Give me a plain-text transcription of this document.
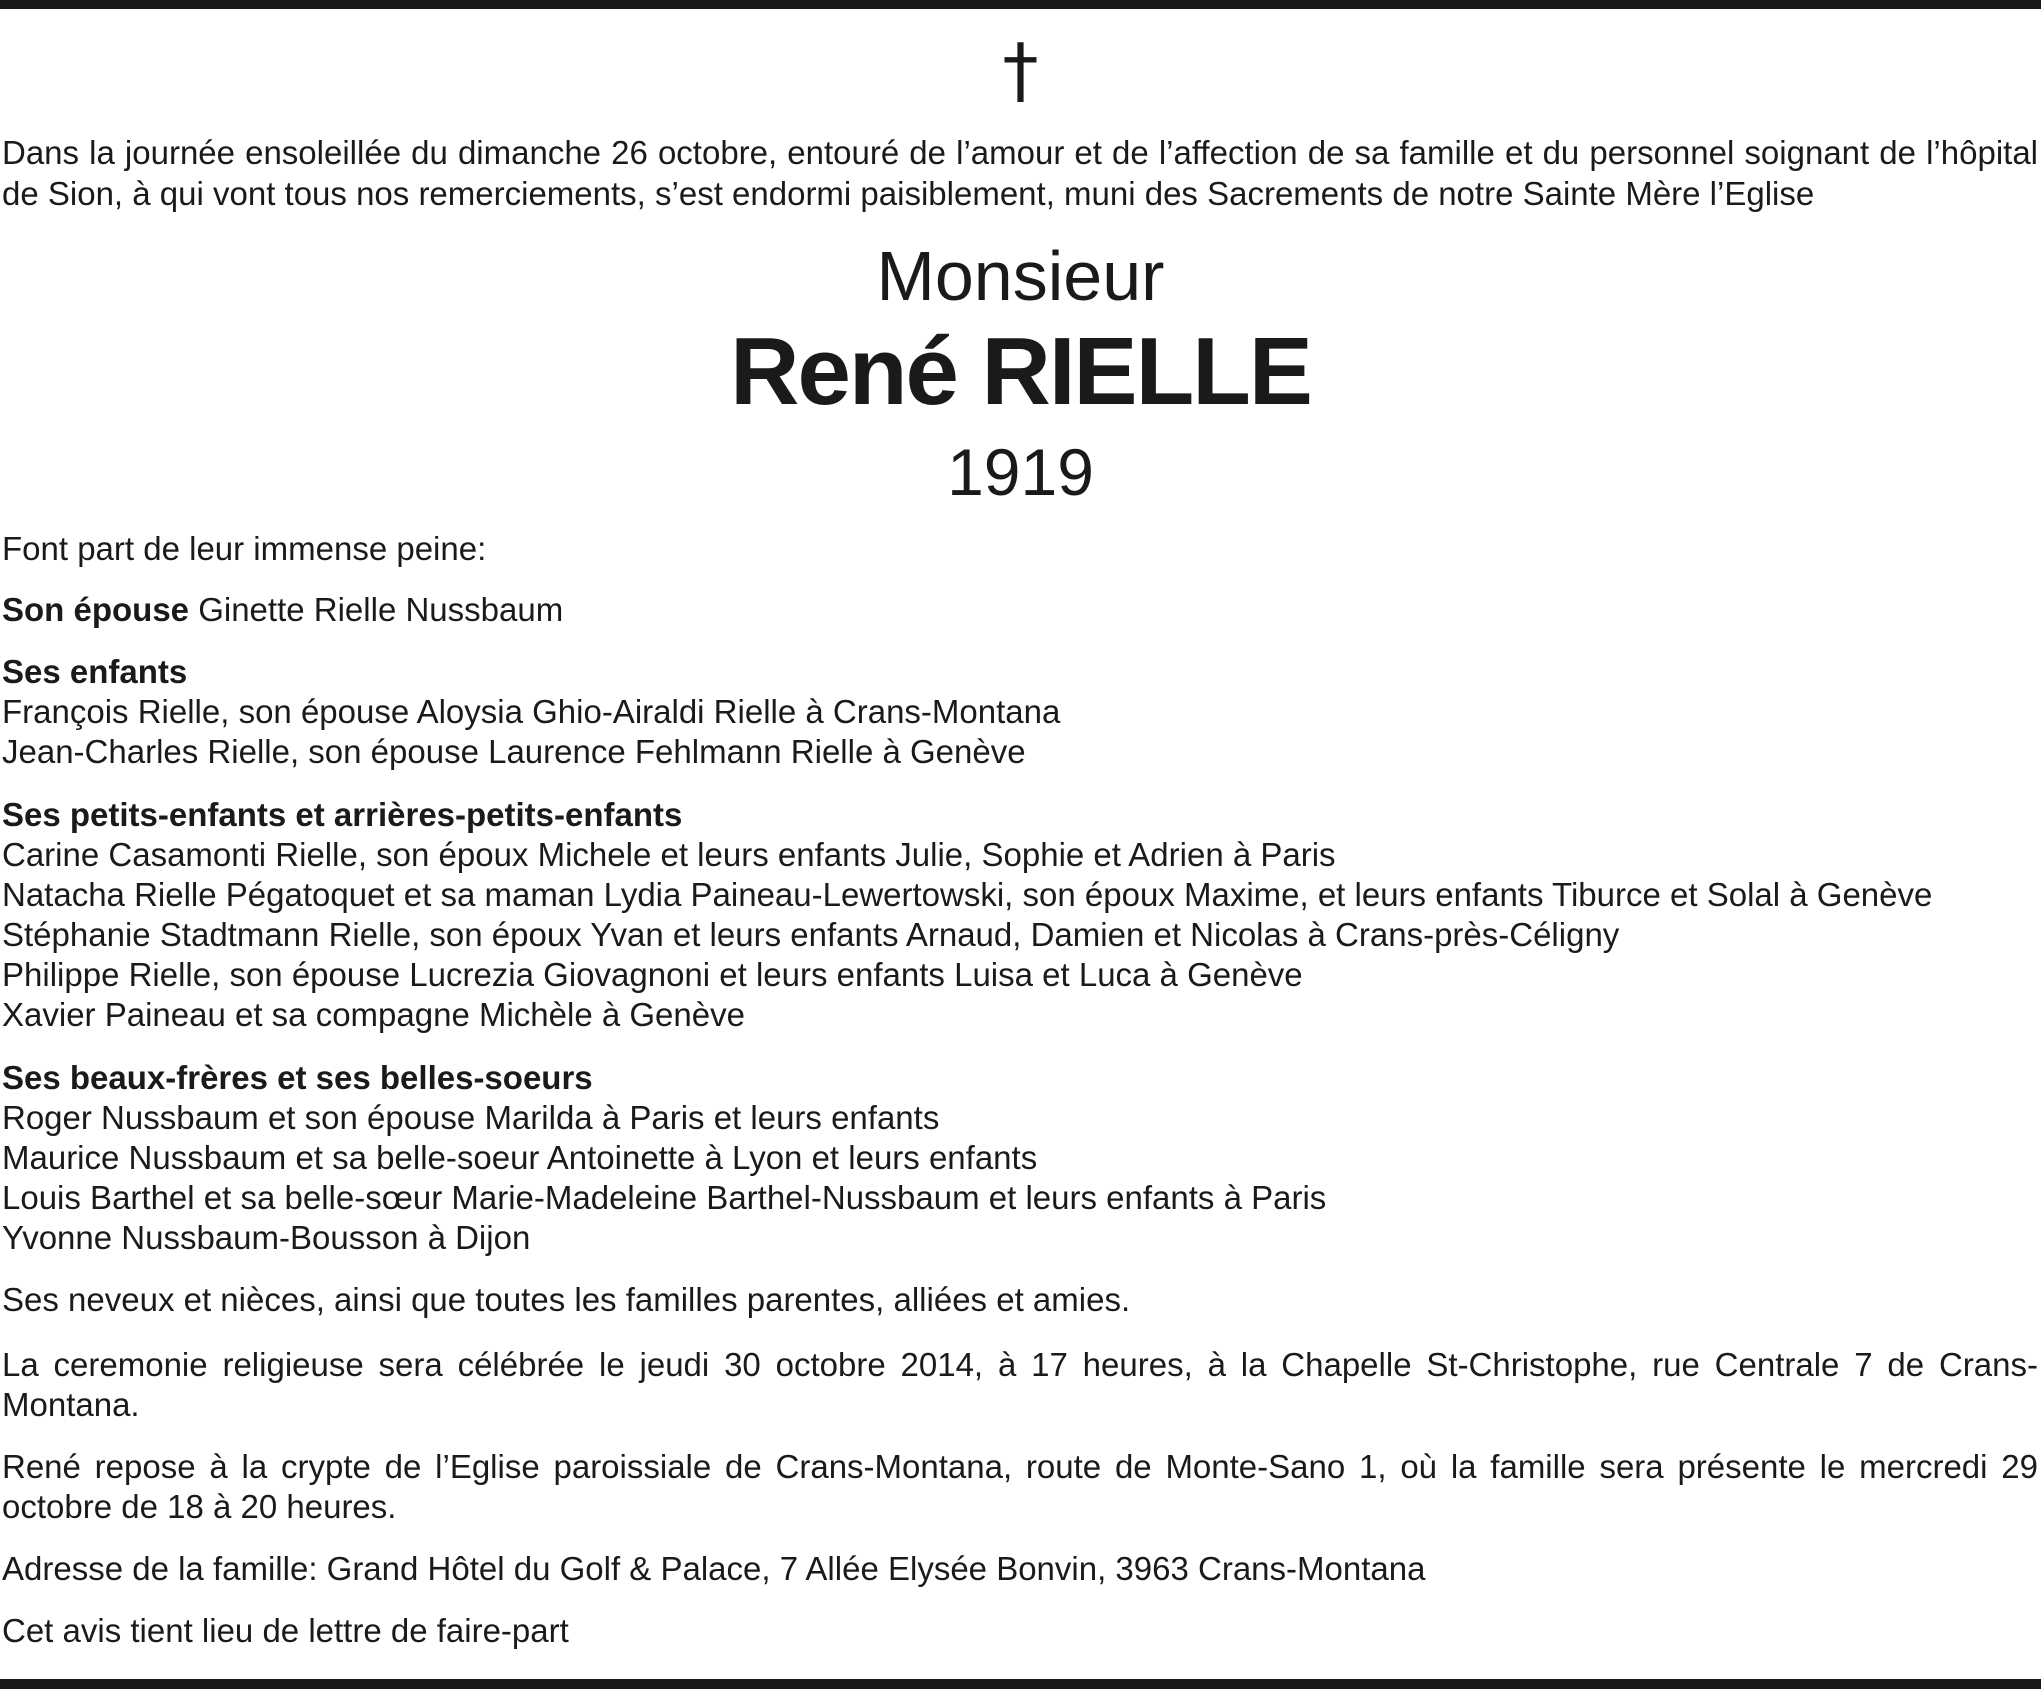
†
Dans la journée ensoleillée du dimanche 26 octobre, entouré de l’amour et de l’affection de sa famille et du personnel soignant de l’hôpital de Sion, à qui vont tous nos remerciements, s’est endormi paisiblement, muni des Sacrements de notre Sainte Mère l’Eglise
Monsieur
René RIELLE
1919
Font part de leur immense peine:
Son épouse Ginette Rielle Nussbaum
Ses enfants
François Rielle, son épouse Aloysia Ghio-Airaldi Rielle à Crans-Montana
Jean-Charles Rielle, son épouse Laurence Fehlmann Rielle à Genève
Ses petits-enfants et arrières-petits-enfants
Carine Casamonti Rielle, son époux Michele et leurs enfants Julie, Sophie et Adrien à Paris
Natacha Rielle Pégatoquet et sa maman Lydia Paineau-Lewertowski, son époux Maxime, et leurs enfants Tiburce et Solal à Genève
Stéphanie Stadtmann Rielle, son époux Yvan et leurs enfants Arnaud, Damien et Nicolas à Crans-près-Céligny
Philippe Rielle, son épouse Lucrezia Giovagnoni et leurs enfants Luisa et Luca à Genève
Xavier Paineau et sa compagne Michèle à Genève
Ses beaux-frères et ses belles-soeurs
Roger Nussbaum et son épouse Marilda à Paris et leurs enfants
Maurice Nussbaum et sa belle-soeur Antoinette à Lyon et leurs enfants
Louis Barthel et sa belle-sœur Marie-Madeleine Barthel-Nussbaum et leurs enfants à Paris
Yvonne Nussbaum-Bousson à Dijon
Ses neveux et nièces, ainsi que toutes les familles parentes, alliées et amies.
La ceremonie religieuse sera célébrée le jeudi 30 octobre 2014, à 17 heures, à la Chapelle St-Christophe, rue Centrale 7 de Crans-Montana.
René repose à la crypte de l’Eglise paroissiale de Crans-Montana, route de Monte-Sano 1, où la famille sera présente le mercredi 29 octobre de 18 à 20 heures.
Adresse de la famille: Grand Hôtel du Golf & Palace, 7 Allée Elysée Bonvin, 3963 Crans-Montana
Cet avis tient lieu de lettre de faire-part
